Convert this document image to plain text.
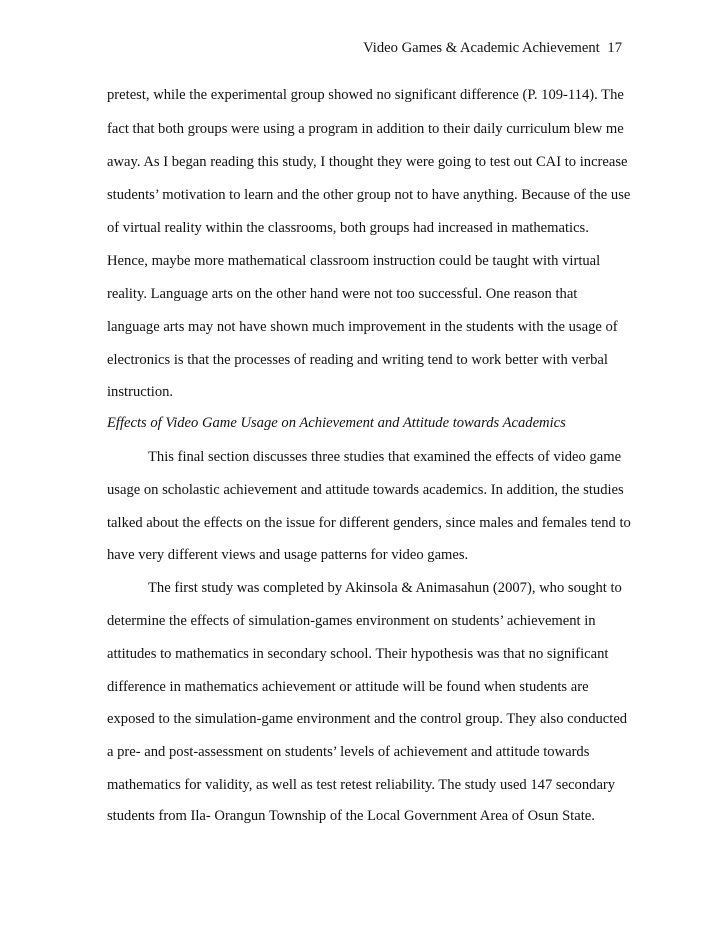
Video Games & Academic Achievement 17
pretest, while the experimental group showed no significant difference (P. 109-114). The
fact that both groups were using a program in addition to their daily curriculum blew me
away. As I began reading this study, I thought they were going to test out CAI to increase
students’ motivation to learn and the other group not to have anything. Because of the use
of virtual reality within the classrooms, both groups had increased in mathematics.
Hence, maybe more mathematical classroom instruction could be taught with virtual
reality. Language arts on the other hand were not too successful. One reason that
language arts may not have shown much improvement in the students with the usage of
electronics is that the processes of reading and writing tend to work better with verbal
instruction.
Effects of Video Game Usage on Achievement and Attitude towards Academics
This final section discusses three studies that examined the effects of video game
usage on scholastic achievement and attitude towards academics. In addition, the studies
talked about the effects on the issue for different genders, since males and females tend to
have very different views and usage patterns for video games.
The first study was completed by Akinsola & Animasahun (2007), who sought to
determine the effects of simulation-games environment on students’ achievement in
attitudes to mathematics in secondary school. Their hypothesis was that no significant
difference in mathematics achievement or attitude will be found when students are
exposed to the simulation-game environment and the control group. They also conducted
a pre- and post-assessment on students’ levels of achievement and attitude towards
mathematics for validity, as well as test retest reliability. The study used 147 secondary
students from Ila- Orangun Township of the Local Government Area of Osun State.
